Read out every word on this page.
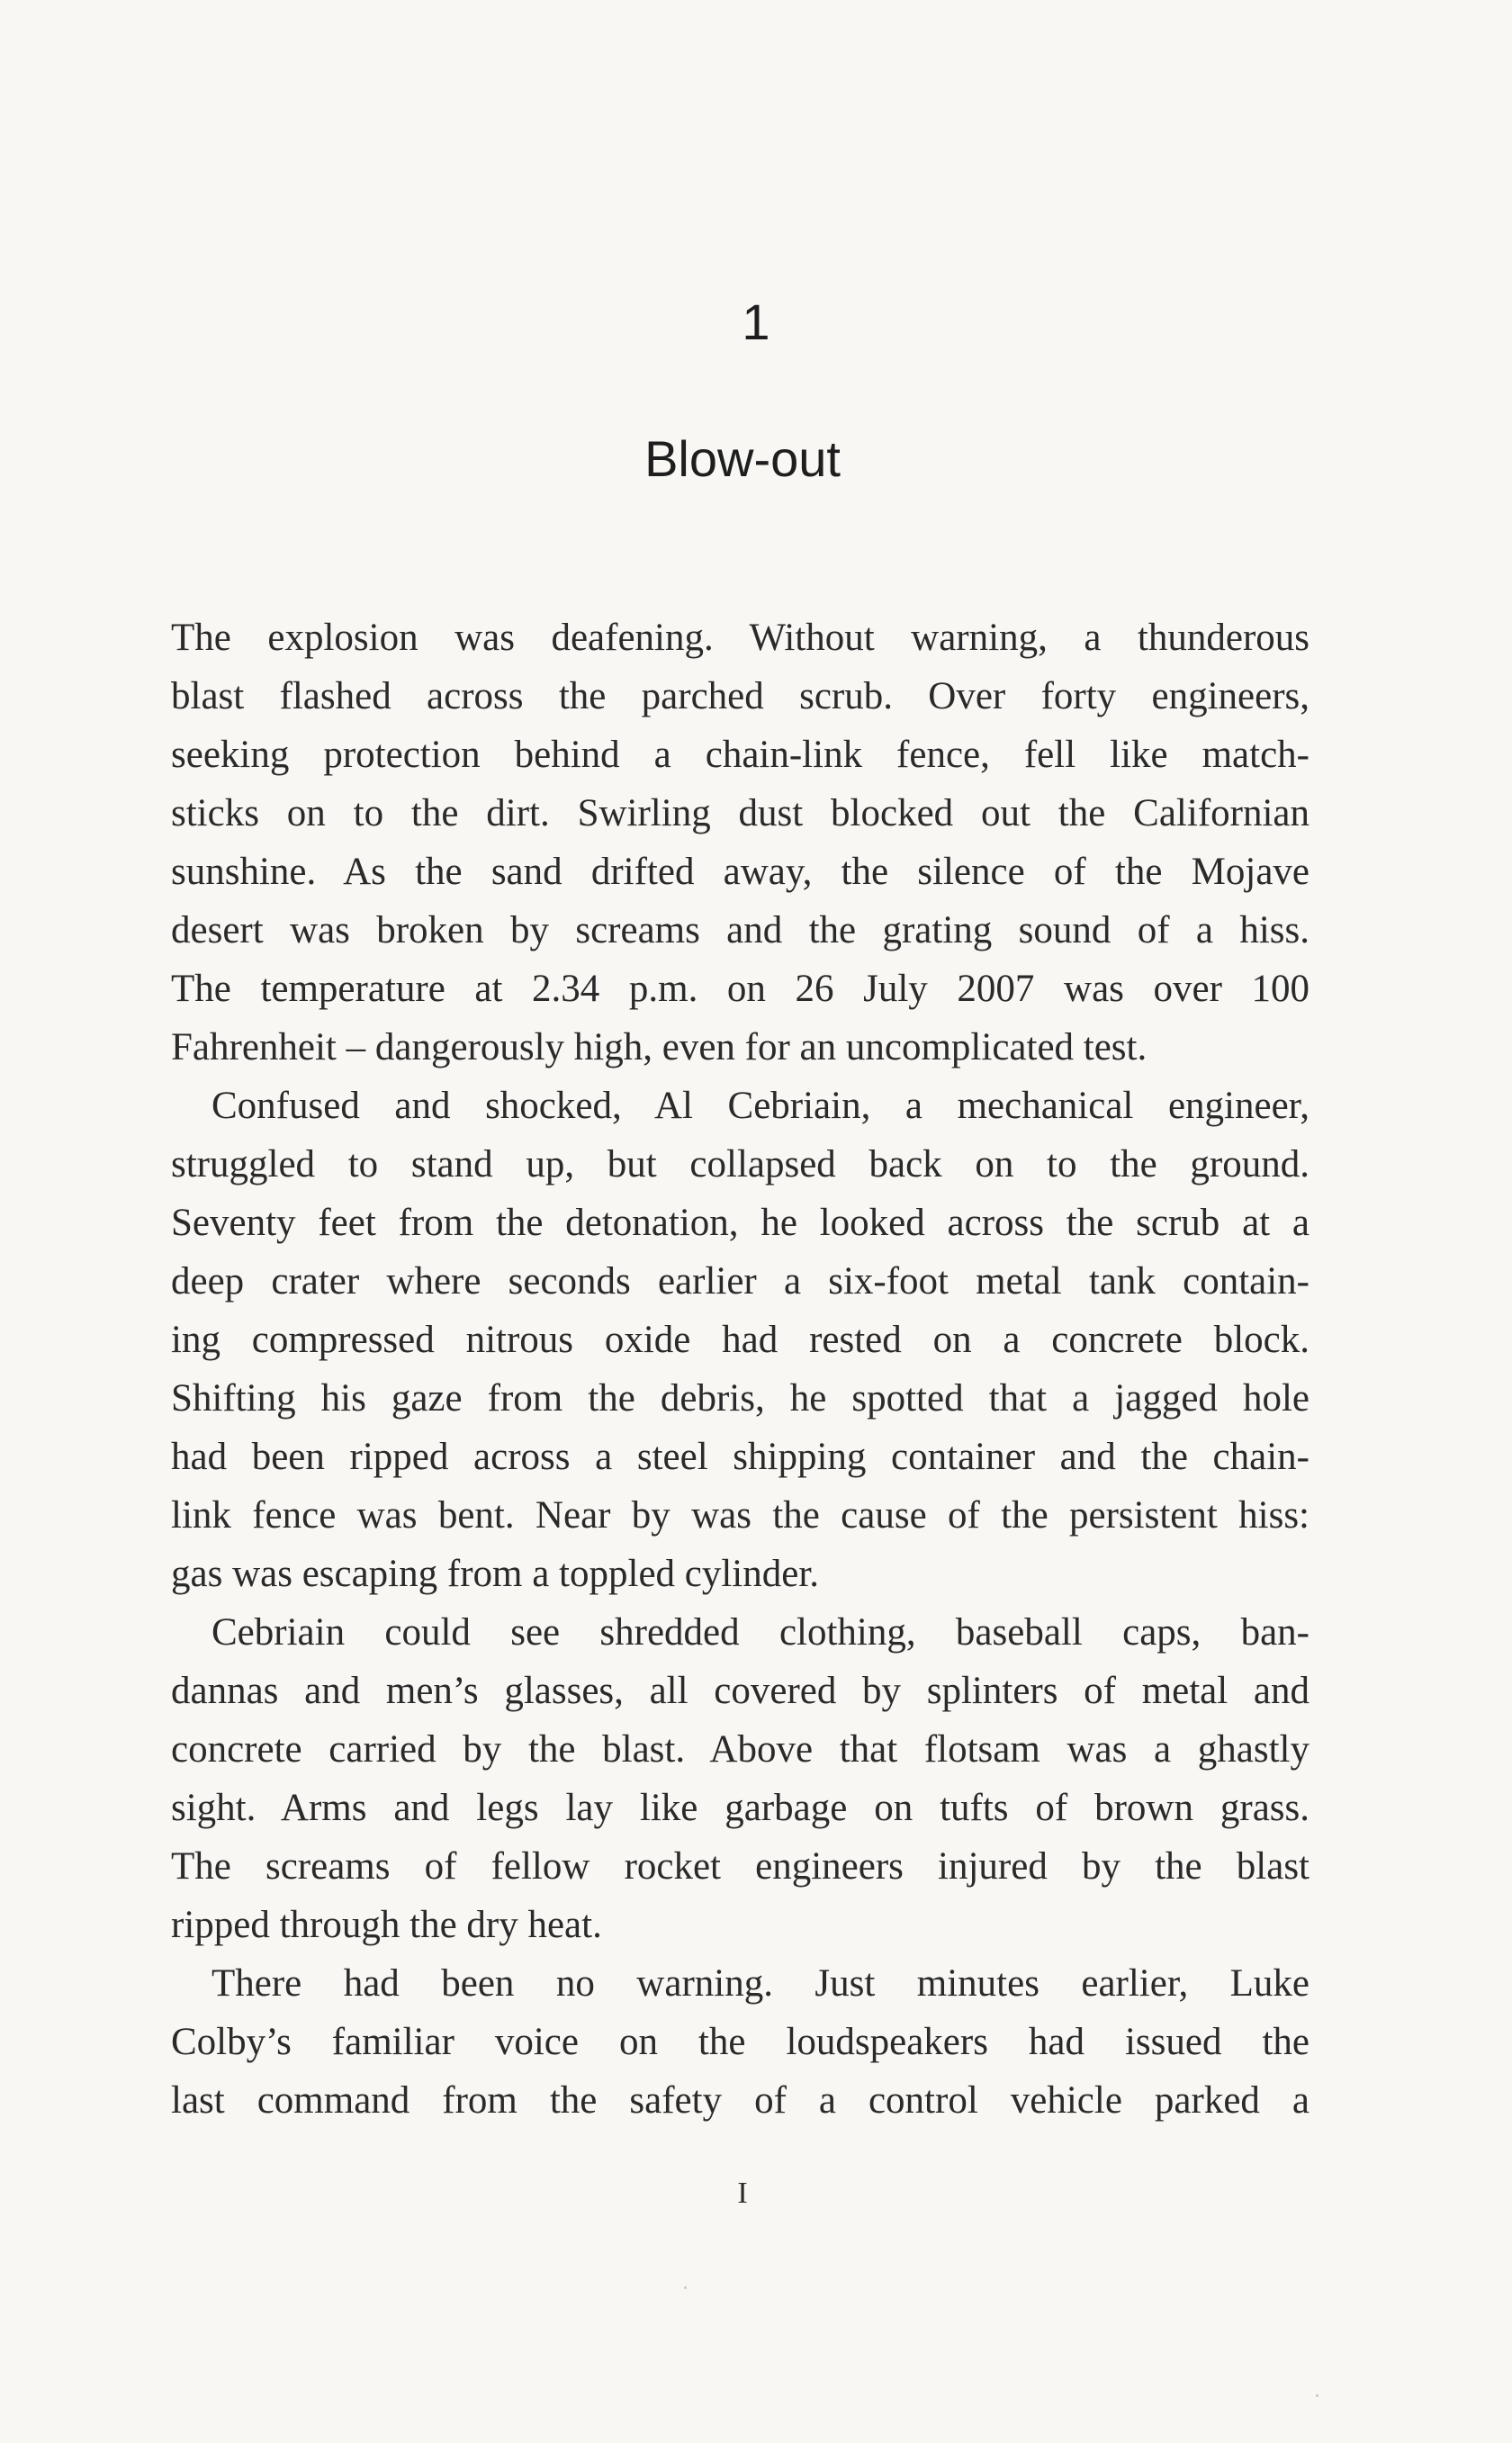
1
Blow-out
The explosion was deafening. Without warning, a thunderous
blast flashed across the parched scrub. Over forty engineers,
seeking protection behind a chain-link fence, fell like match-
sticks on to the dirt. Swirling dust blocked out the Californian
sunshine. As the sand drifted away, the silence of the Mojave
desert was broken by screams and the grating sound of a hiss.
The temperature at 2.34 p.m. on 26 July 2007 was over 100
Fahrenheit – dangerously high, even for an uncomplicated test.
Confused and shocked, Al Cebriain, a mechanical engineer,
struggled to stand up, but collapsed back on to the ground.
Seventy feet from the detonation, he looked across the scrub at a
deep crater where seconds earlier a six-foot metal tank contain-
ing compressed nitrous oxide had rested on a concrete block.
Shifting his gaze from the debris, he spotted that a jagged hole
had been ripped across a steel shipping container and the chain-
link fence was bent. Near by was the cause of the persistent hiss:
gas was escaping from a toppled cylinder.
Cebriain could see shredded clothing, baseball caps, ban-
dannas and men’s glasses, all covered by splinters of metal and
concrete carried by the blast. Above that flotsam was a ghastly
sight. Arms and legs lay like garbage on tufts of brown grass.
The screams of fellow rocket engineers injured by the blast
ripped through the dry heat.
There had been no warning. Just minutes earlier, Luke
Colby’s familiar voice on the loudspeakers had issued the
last command from the safety of a control vehicle parked a
I
